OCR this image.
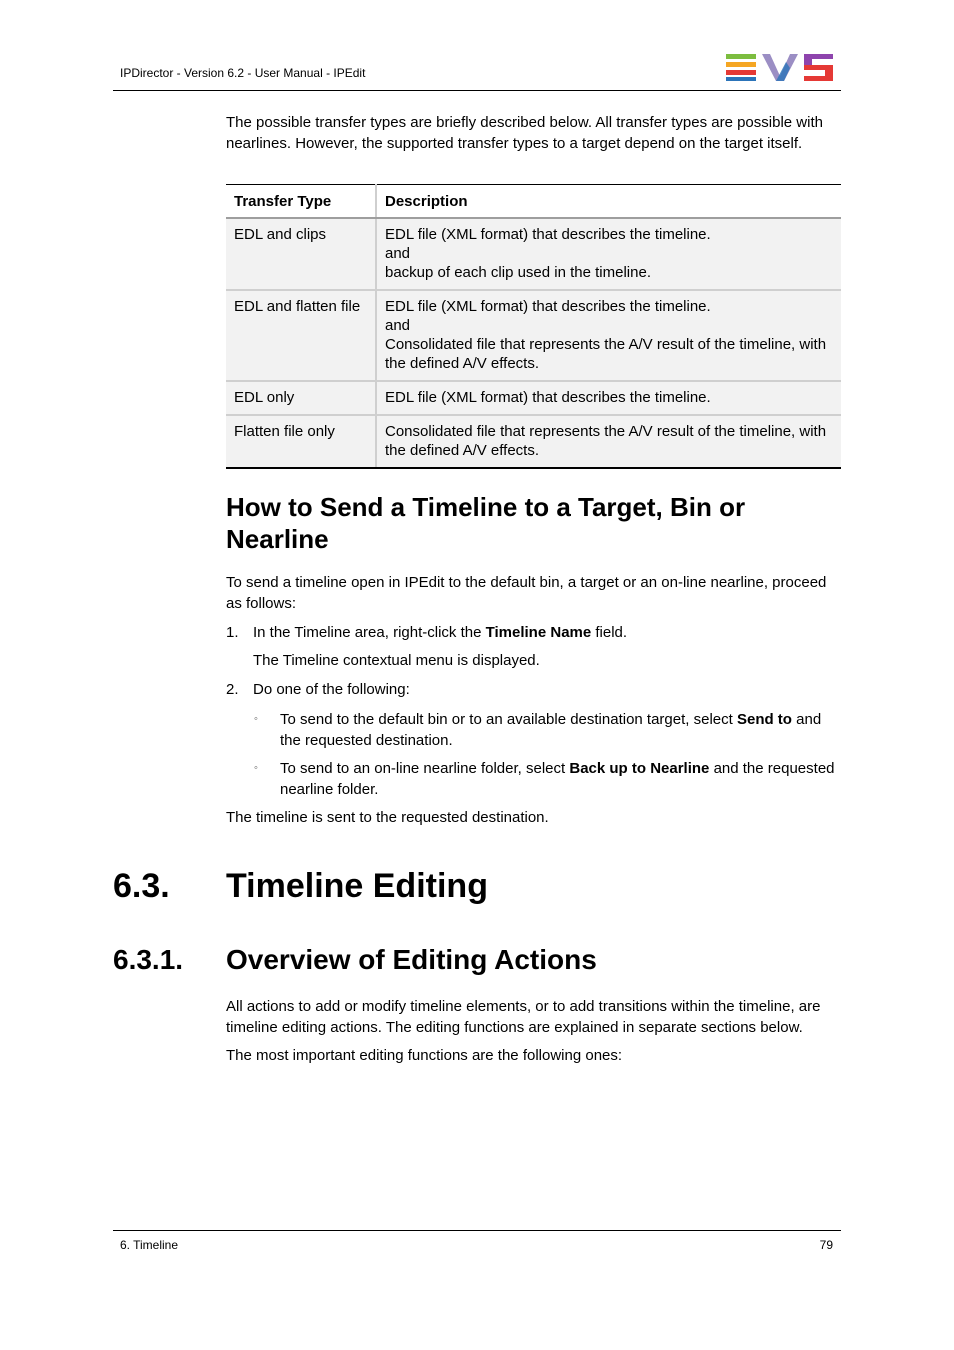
IPDirector - Version 6.2 - User Manual - IPEdit
The possible transfer types are briefly described below. All transfer types are possible with nearlines. However, the supported transfer types to a target depend on the target itself.
Transfer Type	Description
EDL and clips	EDL file (XML format) that describes the timeline.
and
backup of each clip used in the timeline.

EDL and flatten file	EDL file (XML format) that describes the timeline.
and
Consolidated file that represents the A/V result of the timeline, with the defined A/V effects.

EDL only	EDL file (XML format) that describes the timeline.

Flatten file only	Consolidated file that represents the A/V result of the timeline, with the defined A/V effects.
How to Send a Timeline to a Target, Bin or Nearline
To send a timeline open in IPEdit to the default bin, a target or an on-line nearline, proceed as follows:
1. In the Timeline area, right-click the Timeline Name field.
The Timeline contextual menu is displayed.
2. Do one of the following:
◦ To send to the default bin or to an available destination target, select Send to and the requested destination.
◦ To send to an on-line nearline folder, select Back up to Nearline and the requested nearline folder.
The timeline is sent to the requested destination.
6.3. Timeline Editing
6.3.1. Overview of Editing Actions
All actions to add or modify timeline elements, or to add transitions within the timeline, are timeline editing actions. The editing functions are explained in separate sections below.
The most important editing functions are the following ones:
6. Timeline	79
